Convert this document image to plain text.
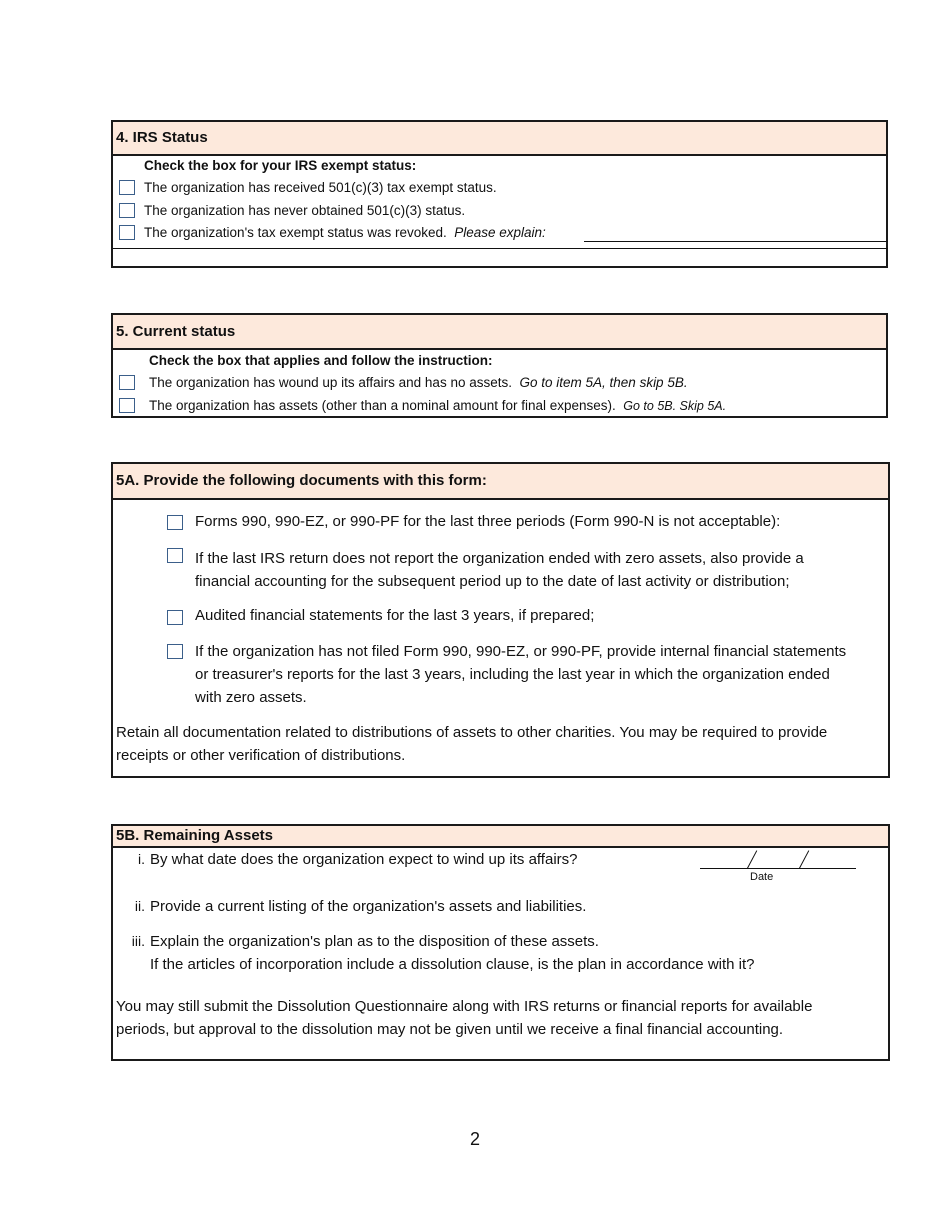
4. IRS Status
Check the box for your IRS exempt status:
The organization has received 501(c)(3) tax exempt status.
The organization has never obtained 501(c)(3) status.
The organization's tax exempt status was revoked. Please explain:
5. Current status
Check the box that applies and follow the instruction:
The organization has wound up its affairs and has no assets. Go to item 5A, then skip 5B.
The organization has assets (other than a nominal amount for final expenses). Go to 5B. Skip 5A.
5A. Provide the following documents with this form:
Forms 990, 990-EZ, or 990-PF for the last three periods (Form 990-N is not acceptable):
If the last IRS return does not report the organization ended with zero assets, also provide a
financial accounting for the subsequent period up to the date of last activity or distribution;
Audited financial statements for the last 3 years, if prepared;
If the organization has not filed Form 990, 990-EZ, or 990-PF, provide internal financial statements
or treasurer's reports for the last 3 years, including the last year in which the organization ended
with zero assets.
Retain all documentation related to distributions of assets to other charities. You may be required to provide
receipts or other verification of distributions.
5B. Remaining Assets
i. By what date does the organization expect to wind up its affairs?
Date
ii. Provide a current listing of the organization's assets and liabilities.
iii. Explain the organization's plan as to the disposition of these assets.
If the articles of incorporation include a dissolution clause, is the plan in accordance with it?
You may still submit the Dissolution Questionnaire along with IRS returns or financial reports for available
periods, but approval to the dissolution may not be given until we receive a final financial accounting.
2
